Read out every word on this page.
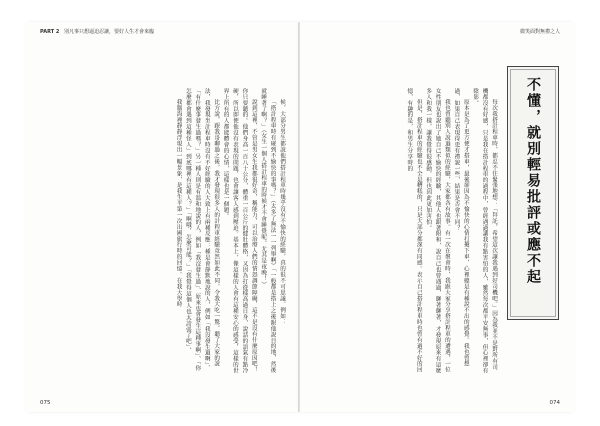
PART 2 別凡事只想逼迫忍讓，要好人生才會來臨

候，大部分男生都說他們搭計程車時幾乎沒有不愉快的經驗，真的很不可思議。例如：

「搭計程車時有碰到不愉快的事嗎？」（太多了無法一一列舉啊）「一般都是搭上之後跟他說目的地，然後就睡著了啊？」（女生一個人搭計程車的時候才不會睡覺呢。尤其是夜晚！）

說到這裡，不管是男女生我都很好奇，稱能力，可以治療人們的情怒調節障礙，這不是沒有什麼原因吧！你只要聽的。他們身高一百八十公分，體重一百公斤的健壯體格，又因為打從樣高過日身，說話的語氣有點冷硬，所以即便他沒有表現的問題，也會讓客人感到壓迫。基本上，像這樣的人會有這種安心的感受，這樣的世界上所有的人都能體會的心情，這樣也是一個題。

比方說，跟我哥聊過之後，我才發現很多人的計程車經驗竟然如此不同，令我大吃一驚。聽了大家的說法，我發現坐計程車時沒有不好經驗的人大致上有兩種反應：種是會靜默地說的人，例如「我沒發生過啊」、「有什麼事發生過嗎？」另一種人則是有溫和地說的人，例如「我沒發生過」、原來也會發生這種事啊」、「你怎麼都會遇到這種怪人」到底哪裡有這種人？」「啊哦，怎麼可能？」「我覺得這個人也太誇張了吧」、

我腦海裡靜靜浮現出一幅景象，是我生平第一次出國旅行時的回憶。在我大學時

075
微笑面對無禮之人

每次我搭計程車時，都忍不住緊張地想：「拜託，希望這次讓我遇到好司機吧。」因為我並不是對所有司機都沒有好感，只是我在搭計程車的過程中，曾經遇過讓我有點害怕的人，雖然每次都平安無事，但心裡卻有陰影。

原本是為了更方便才搭車，最後卻因為不愉快的心情打擾下車，心裡總是有種說不出的感覺。我也曾想過，如果自己表現得更有禮貌一些，結果是否會不同？

我也曾聽別人說過類似的經驗，大家都各有故事。有一次在聚會時，我跟大家分享搭計程車的遭遇，一位女性朋友也說出了她自己不愉快的經驗，其他人也跟著附和，說自己也曾遇過，聊著聊著，才發現原來有這麼多人和我一樣，讓我覺得很感動，但也因此更加害怕。

但是，搭計程車的經驗也不全是糟糕的，只是大部分都深有同感。表示自己搭計程車時也曾有過不好的回憶，有趣的是，和男生分享時的	不懂，就別輕易批評或應不起
074
